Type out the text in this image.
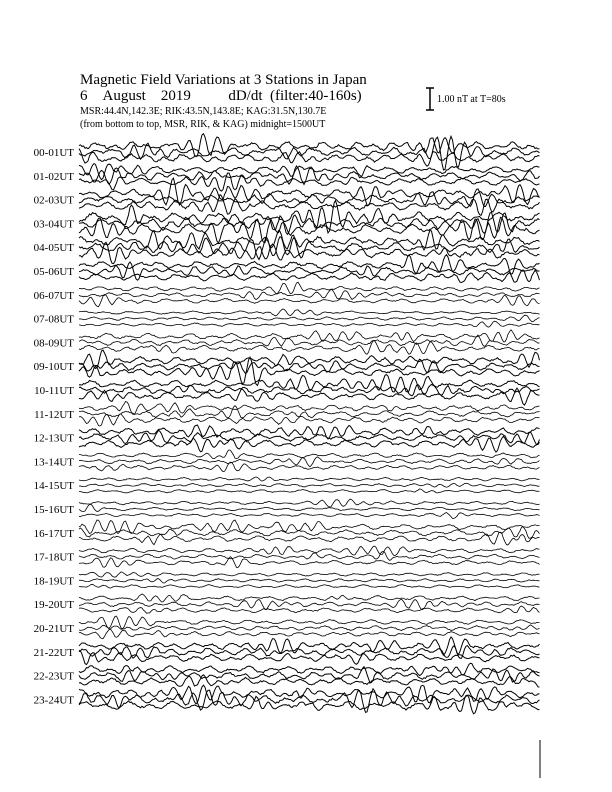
Magnetic Field Variations at 3 Stations in Japan
6 August 2019	dD/dt (filter:40-160s)
MSR:44.4N,142.3E; RIK:43.5N,143.8E; KAG:31.5N,130.7E
(from bottom to top, MSR, RIK, & KAG) midnight=1500UT
1.00 nT at T=80s
00-01UT
01-02UT
02-03UT
03-04UT
04-05UT
05-06UT
06-07UT
07-08UT
08-09UT
09-10UT
10-11UT
11-12UT
12-13UT
13-14UT
14-15UT
15-16UT
16-17UT
17-18UT
18-19UT
19-20UT
20-21UT
21-22UT
22-23UT
23-24UT
